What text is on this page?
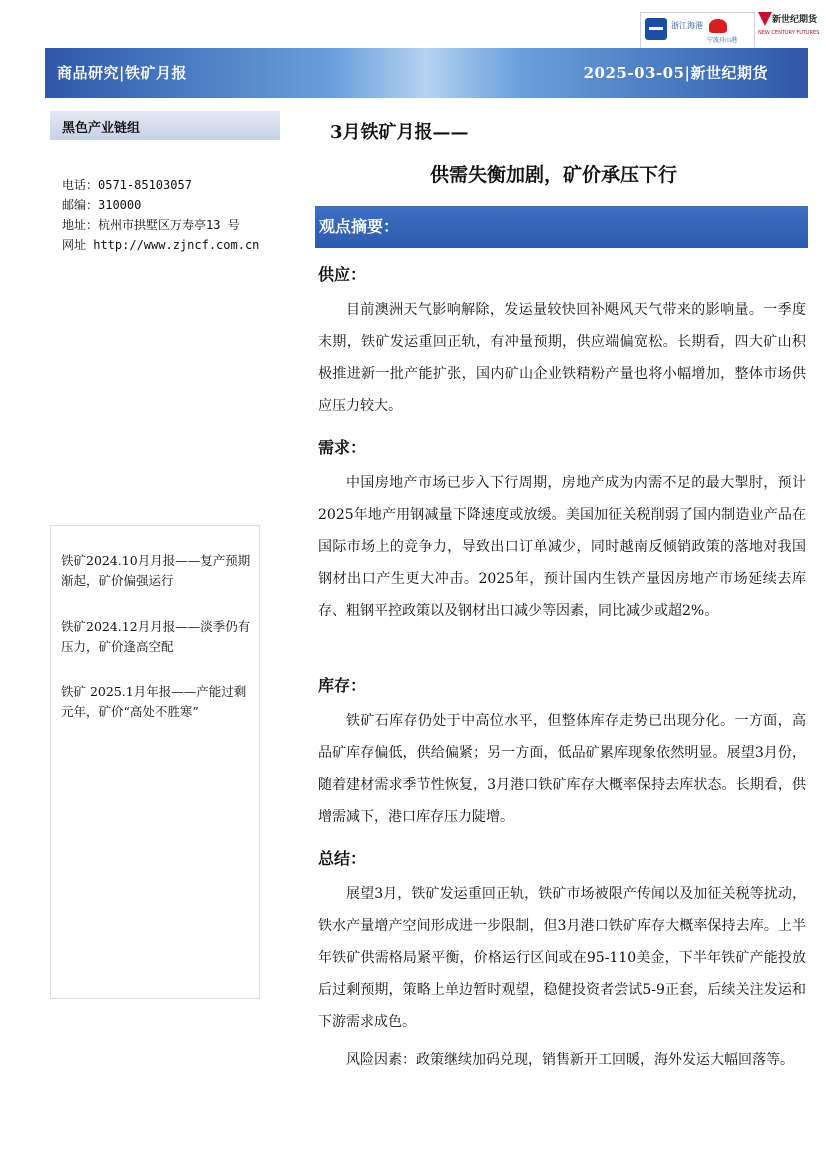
浙江海港
宁波舟山港
新世纪期货
NEW CENTURY FUTURES
商品研究|铁矿月报	2025-03-05|新世纪期货
黑色产业链组
电话：0571-85103057
邮编：310000
地址：杭州市拱墅区万寿亭13 号
网址 http://www.zjncf.com.cn
铁矿2024.10月月报——复产预期渐起，矿价偏强运行
铁矿2024.12月月报——淡季仍有压力，矿价逢高空配
铁矿 2025.1月年报——产能过剩元年，矿价“高处不胜寒”
3月铁矿月报——
供需失衡加剧，矿价承压下行
观点摘要：
供应：
目前澳洲天气影响解除，发运量较快回补飓风天气带来的影响量。一季度末期，铁矿发运重回正轨，有冲量预期，供应端偏宽松。长期看，四大矿山积极推进新一批产能扩张，国内矿山企业铁精粉产量也将小幅增加，整体市场供应压力较大。
需求：
中国房地产市场已步入下行周期，房地产成为内需不足的最大掣肘，预计2025年地产用钢减量下降速度或放缓。美国加征关税削弱了国内制造业产品在国际市场上的竞争力，导致出口订单减少，同时越南反倾销政策的落地对我国钢材出口产生更大冲击。2025年，预计国内生铁产量因房地产市场延续去库存、粗钢平控政策以及钢材出口减少等因素，同比减少或超2%。
库存：
铁矿石库存仍处于中高位水平，但整体库存走势已出现分化。一方面，高品矿库存偏低，供给偏紧；另一方面，低品矿累库现象依然明显。展望3月份，随着建材需求季节性恢复，3月港口铁矿库存大概率保持去库状态。长期看，供增需减下，港口库存压力陡增。
总结：
展望3月，铁矿发运重回正轨，铁矿市场被限产传闻以及加征关税等扰动，铁水产量增产空间形成进一步限制，但3月港口铁矿库存大概率保持去库。上半年铁矿供需格局紧平衡，价格运行区间或在95-110美金，下半年铁矿产能投放后过剩预期，策略上单边暂时观望，稳健投资者尝试5-9正套，后续关注发运和下游需求成色。
风险因素：政策继续加码兑现，销售新开工回暖，海外发运大幅回落等。
